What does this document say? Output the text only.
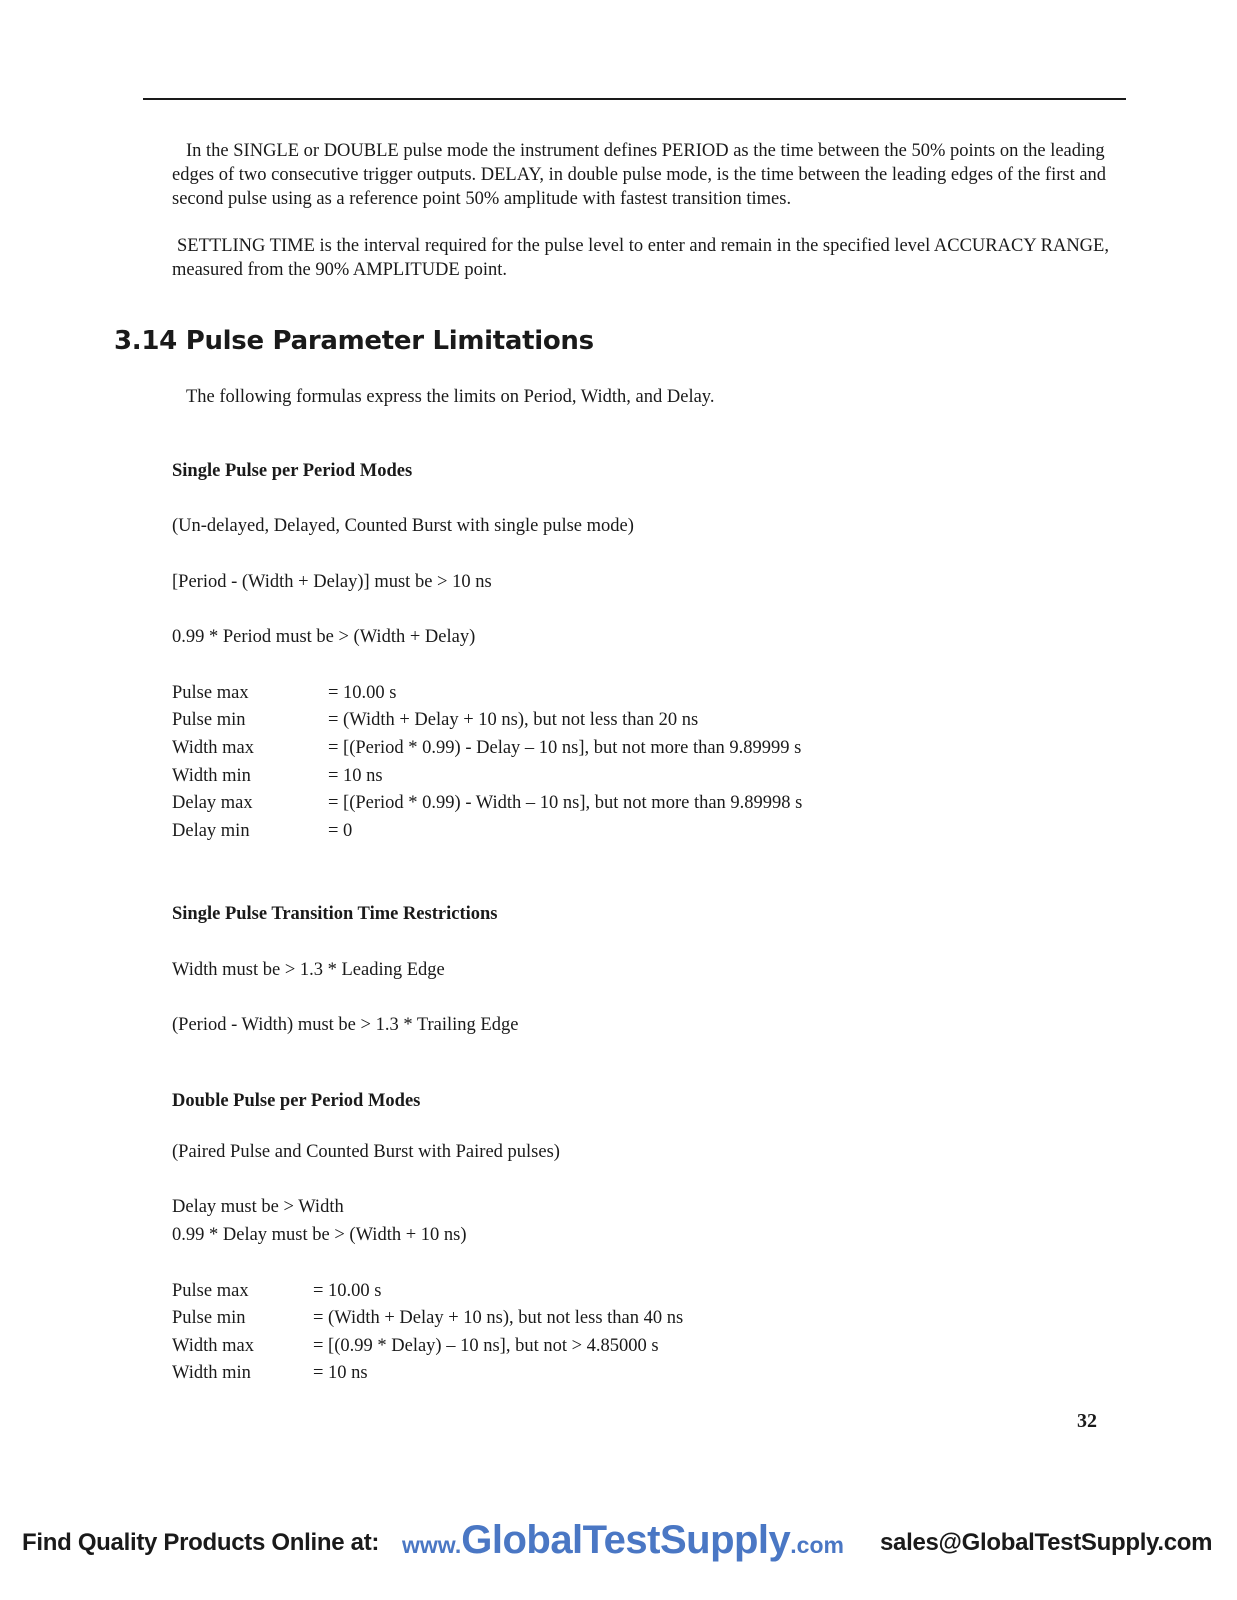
In the SINGLE or DOUBLE pulse mode the instrument defines PERIOD as the time between the 50% points on the leading edges of two consecutive trigger outputs. DELAY, in double pulse mode, is the time between the leading edges of the first and second pulse using as a reference point 50% amplitude with fastest transition times.

SETTLING TIME is the interval required for the pulse level to enter and remain in the specified level ACCURACY RANGE, measured from the 90% AMPLITUDE point.

3.14 Pulse Parameter Limitations

The following formulas express the limits on Period, Width, and Delay.

Single Pulse per Period Modes

(Un-delayed, Delayed, Counted Burst with single pulse mode)

[Period - (Width + Delay)] must be > 10 ns

0.99 * Period must be > (Width + Delay)

Pulse max	= 10.00 s
Pulse min	= (Width + Delay + 10 ns), but not less than 20 ns
Width max	= [(Period * 0.99) - Delay – 10 ns], but not more than 9.89999 s
Width min	= 10 ns
Delay max	= [(Period * 0.99) - Width – 10 ns], but not more than 9.89998 s
Delay min	= 0

Single Pulse Transition Time Restrictions

Width must be > 1.3 * Leading Edge

(Period - Width) must be > 1.3 * Trailing Edge

Double Pulse per Period Modes

(Paired Pulse and Counted Burst with Paired pulses)

Delay must be > Width

0.99 * Delay must be > (Width + 10 ns)

Pulse max	= 10.00 s
Pulse min	= (Width + Delay + 10 ns), but not less than 40 ns
Width max	= [(0.99 * Delay) – 10 ns], but not > 4.85000 s
Width min	= 10 ns
32
Find Quality Products Online at: www.GlobalTestSupply.com sales@GlobalTestSupply.com
